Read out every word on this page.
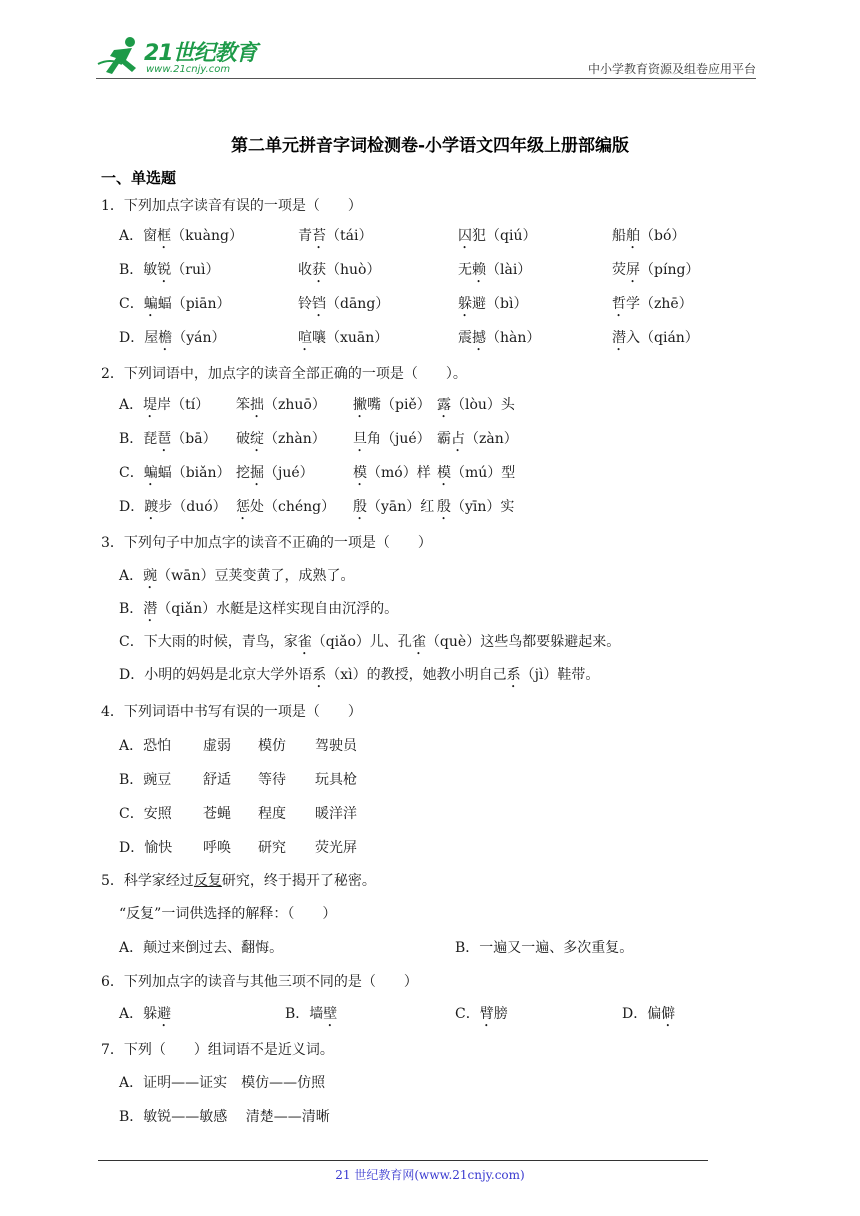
21世纪教育
www.21cnjy.com	中小学教育资源及组卷应用平台
第二单元拼音字词检测卷-小学语文四年级上册部编版
一、单选题
1．下列加点字读音有误的一项是（　　）
A．窗框（kuàng）	青苔（tái）	囚犯（qiú）	船舶（bó）
B．敏锐（ruì）	收获（huò）	无赖（lài）	荧屏（píng）
C．蝙蝠（piān）	铃铛（dāng）	躲避（bì）	哲学（zhē）
D．屋檐（yán）	喧嚷（xuān）	震撼（hàn）	潜入（qián）
2．下列词语中，加点字的读音全部正确的一项是（　　）。
A．堤岸（tí） 笨拙（zhuō） 撇嘴（piě） 露（lòu）头
B．琵琶（bā） 破绽（zhàn） 旦角（jué） 霸占（zàn）
C．蝙蝠（biǎn） 挖掘（jué）	模（mó）样 模（mú）型
D．踱步（duó） 惩处（chéng） 殷（yān）红 殷（yīn）实
3．下列句子中加点字的读音不正确的一项是（　　）
A．豌（wān）豆荚变黄了，成熟了。
B．潜（qiǎn）水艇是这样实现自由沉浮的。
C．下大雨的时候，青鸟，家雀（qiǎo）儿、孔雀（què）这些鸟都要躲避起来。
D．小明的妈妈是北京大学外语系（xì）的教授，她教小明自己系（jì）鞋带。
4．下列词语中书写有误的一项是（　　）
A．恐怕 虚弱 模仿 驾驶员
B．豌豆 舒适 等待 玩具枪
C．安照 苍蝇 程度 暖洋洋
D．愉快 呼唤 研究 荧光屏
5．科学家经过反复研究，终于揭开了秘密。
“反复”一词供选择的解释：（　　）
A．颠过来倒过去、翻悔。	B．一遍又一遍、多次重复。
6．下列加点字的读音与其他三项不同的是（　　）
A．躲避	B．墙壁	C．臂膀	D．偏僻
7．下列（　　）组词语不是近义词。
A．证明——证实　模仿——仿照
B．敏锐——敏感　 清楚——清晰
21 世纪教育网(www.21cnjy.com)
